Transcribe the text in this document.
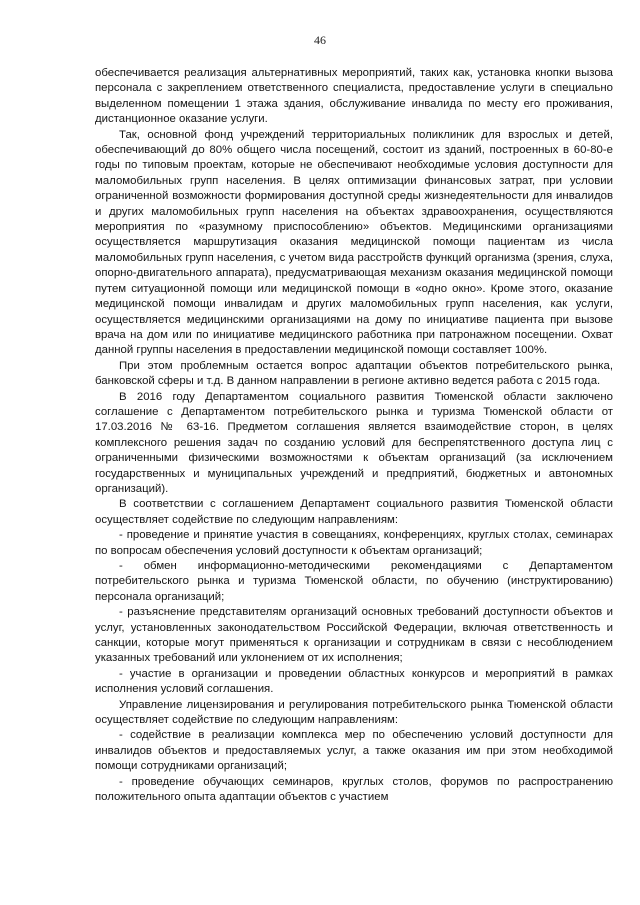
46

обеспечивается реализация альтернативных мероприятий, таких как, установка кнопки вызова персонала с закреплением ответственного специалиста, предоставление услуги в специально выделенном помещении 1 этажа здания, обслуживание инвалида по месту его проживания, дистанционное оказание услуги.

Так, основной фонд учреждений территориальных поликлиник для взрослых и детей, обеспечивающий до 80% общего числа посещений, состоит из зданий, построенных в 60-80-е годы по типовым проектам, которые не обеспечивают необходимые условия доступности для маломобильных групп населения. В целях оптимизации финансовых затрат, при условии ограниченной возможности формирования доступной среды жизнедеятельности для инвалидов и других маломобильных групп населения на объектах здравоохранения, осуществляются мероприятия по «разумному приспособлению» объектов. Медицинскими организациями осуществляется маршрутизация оказания медицинской помощи пациентам из числа маломобильных групп населения, с учетом вида расстройств функций организма (зрения, слуха, опорно-двигательного аппарата), предусматривающая механизм оказания медицинской помощи путем ситуационной помощи или медицинской помощи в «одно окно». Кроме этого, оказание медицинской помощи инвалидам и других маломобильных групп населения, как услуги, осуществляется медицинскими организациями на дому по инициативе пациента при вызове врача на дом или по инициативе медицинского работника при патронажном посещении. Охват данной группы населения в предоставлении медицинской помощи составляет 100%.

При этом проблемным остается вопрос адаптации объектов потребительского рынка, банковской сферы и т.д. В данном направлении в регионе активно ведется работа с 2015 года.

В 2016 году Департаментом социального развития Тюменской области заключено соглашение с Департаментом потребительского рынка и туризма Тюменской области от 17.03.2016 № 63-16. Предметом соглашения является взаимодействие сторон, в целях комплексного решения задач по созданию условий для беспрепятственного доступа лиц с ограниченными физическими возможностями к объектам организаций (за исключением государственных и муниципальных учреждений и предприятий, бюджетных и автономных организаций).

В соответствии с соглашением Департамент социального развития Тюменской области осуществляет содействие по следующим направлениям:

- проведение и принятие участия в совещаниях, конференциях, круглых столах, семинарах по вопросам обеспечения условий доступности к объектам организаций;

- обмен информационно-методическими рекомендациями с Департаментом потребительского рынка и туризма Тюменской области, по обучению (инструктированию) персонала организаций;

- разъяснение представителям организаций основных требований доступности объектов и услуг, установленных законодательством Российской Федерации, включая ответственность и санкции, которые могут применяться к организации и сотрудникам в связи с несоблюдением указанных требований или уклонением от их исполнения;

- участие в организации и проведении областных конкурсов и мероприятий в рамках исполнения условий соглашения.

Управление лицензирования и регулирования потребительского рынка Тюменской области осуществляет содействие по следующим направлениям:

- содействие в реализации комплекса мер по обеспечению условий доступности для инвалидов объектов и предоставляемых услуг, а также оказания им при этом необходимой помощи сотрудниками организаций;

- проведение обучающих семинаров, круглых столов, форумов по распространению положительного опыта адаптации объектов с участием
